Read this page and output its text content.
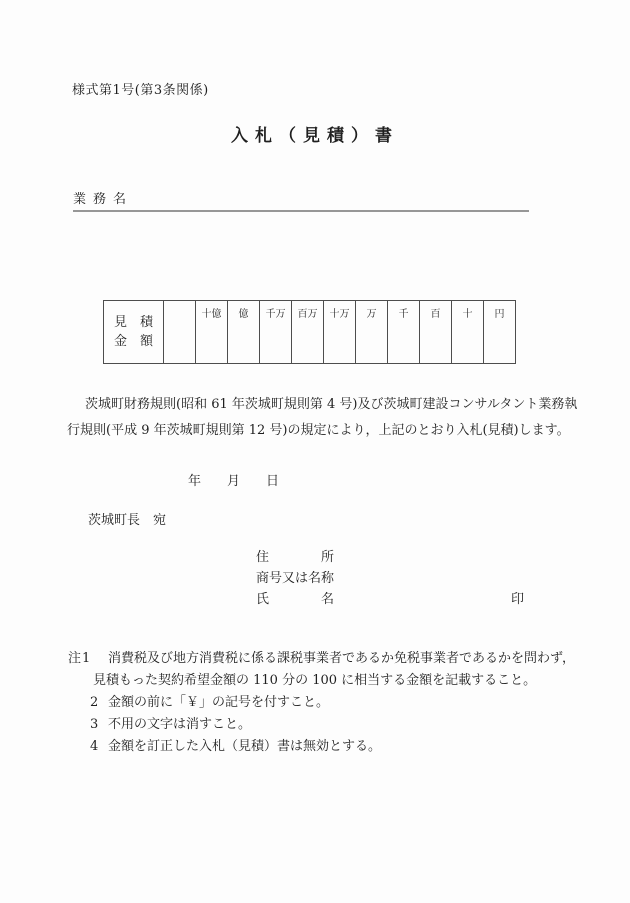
様式第1号(第3条関係)
入札（見積）書
業務名
見　積
金　額
		十億	億	千万	百万	十万	万	千	百	十	円
茨城町財務規則(昭和 61 年茨城町規則第 4 号)及び茨城町建設コンサルタント業務執
行規則(平成 9 年茨城町規則第 12 号)の規定により，上記のとおり入札(見積)します。
年　　月　　日
茨城町長　宛
住　　　　所
商号又は名称
氏　　　　名	印
注1	消費税及び地方消費税に係る課税事業者であるか免税事業者であるかを問わず，
見積もった契約希望金額の 110 分の 100 に相当する金額を記載すること。
2 金額の前に「￥」の記号を付すこと。
3 不用の文字は消すこと。
4 金額を訂正した入札（見積）書は無効とする。
